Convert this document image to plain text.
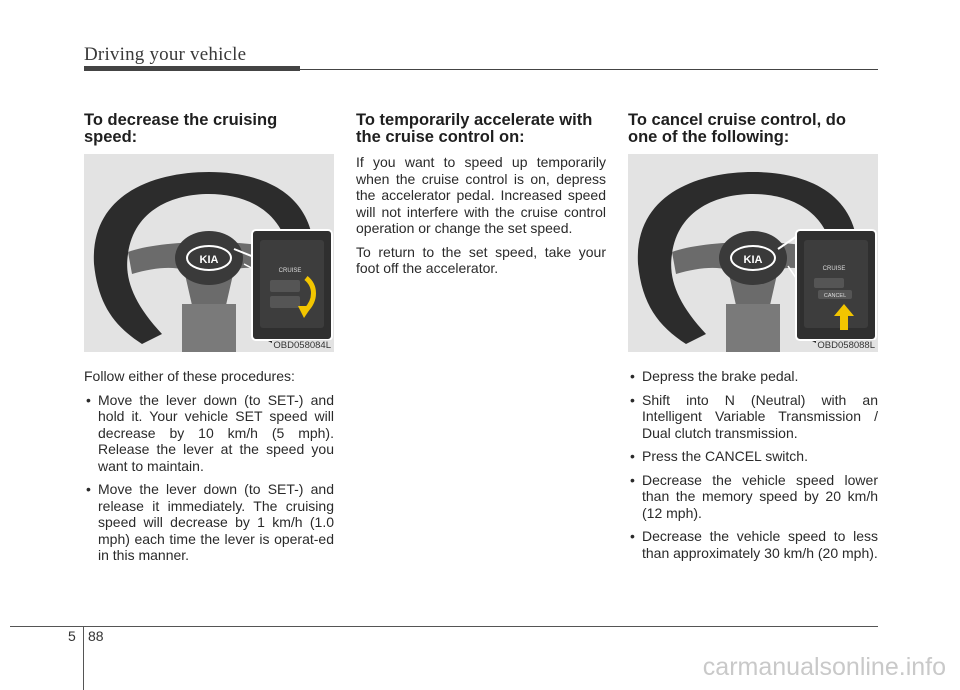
Driving your vehicle
To decrease the cruising speed:
KIA
CRUISE
OBD058084L

Follow either of these procedures:

• Move the lever down (to SET-) and hold it. Your vehicle SET speed will decrease by 10 km/h (5 mph). Release the lever at the speed you want to maintain.
• Move the lever down (to SET-) and release it immediately. The cruising speed will decrease by 1 km/h (1.0 mph) each time the lever is operat-ed in this manner.
To temporarily accelerate with the cruise control on:

If you want to speed up temporarily when the cruise control is on, depress the accelerator pedal. Increased speed will not interfere with the cruise control operation or change the set speed.

To return to the set speed, take your foot off the accelerator.

To cancel cruise control, do one of the following:
KIA
CRUISE
CANCEL
OBD058088L
• Depress the brake pedal.
• Shift into N (Neutral) with an Intelligent Variable Transmission / Dual clutch transmission.
• Press the CANCEL switch.
• Decrease the vehicle speed lower than the memory speed by 20 km/h (12 mph).
• Decrease the vehicle speed to less than approximately 30 km/h (20 mph).
5 88
carmanualsonline.info
